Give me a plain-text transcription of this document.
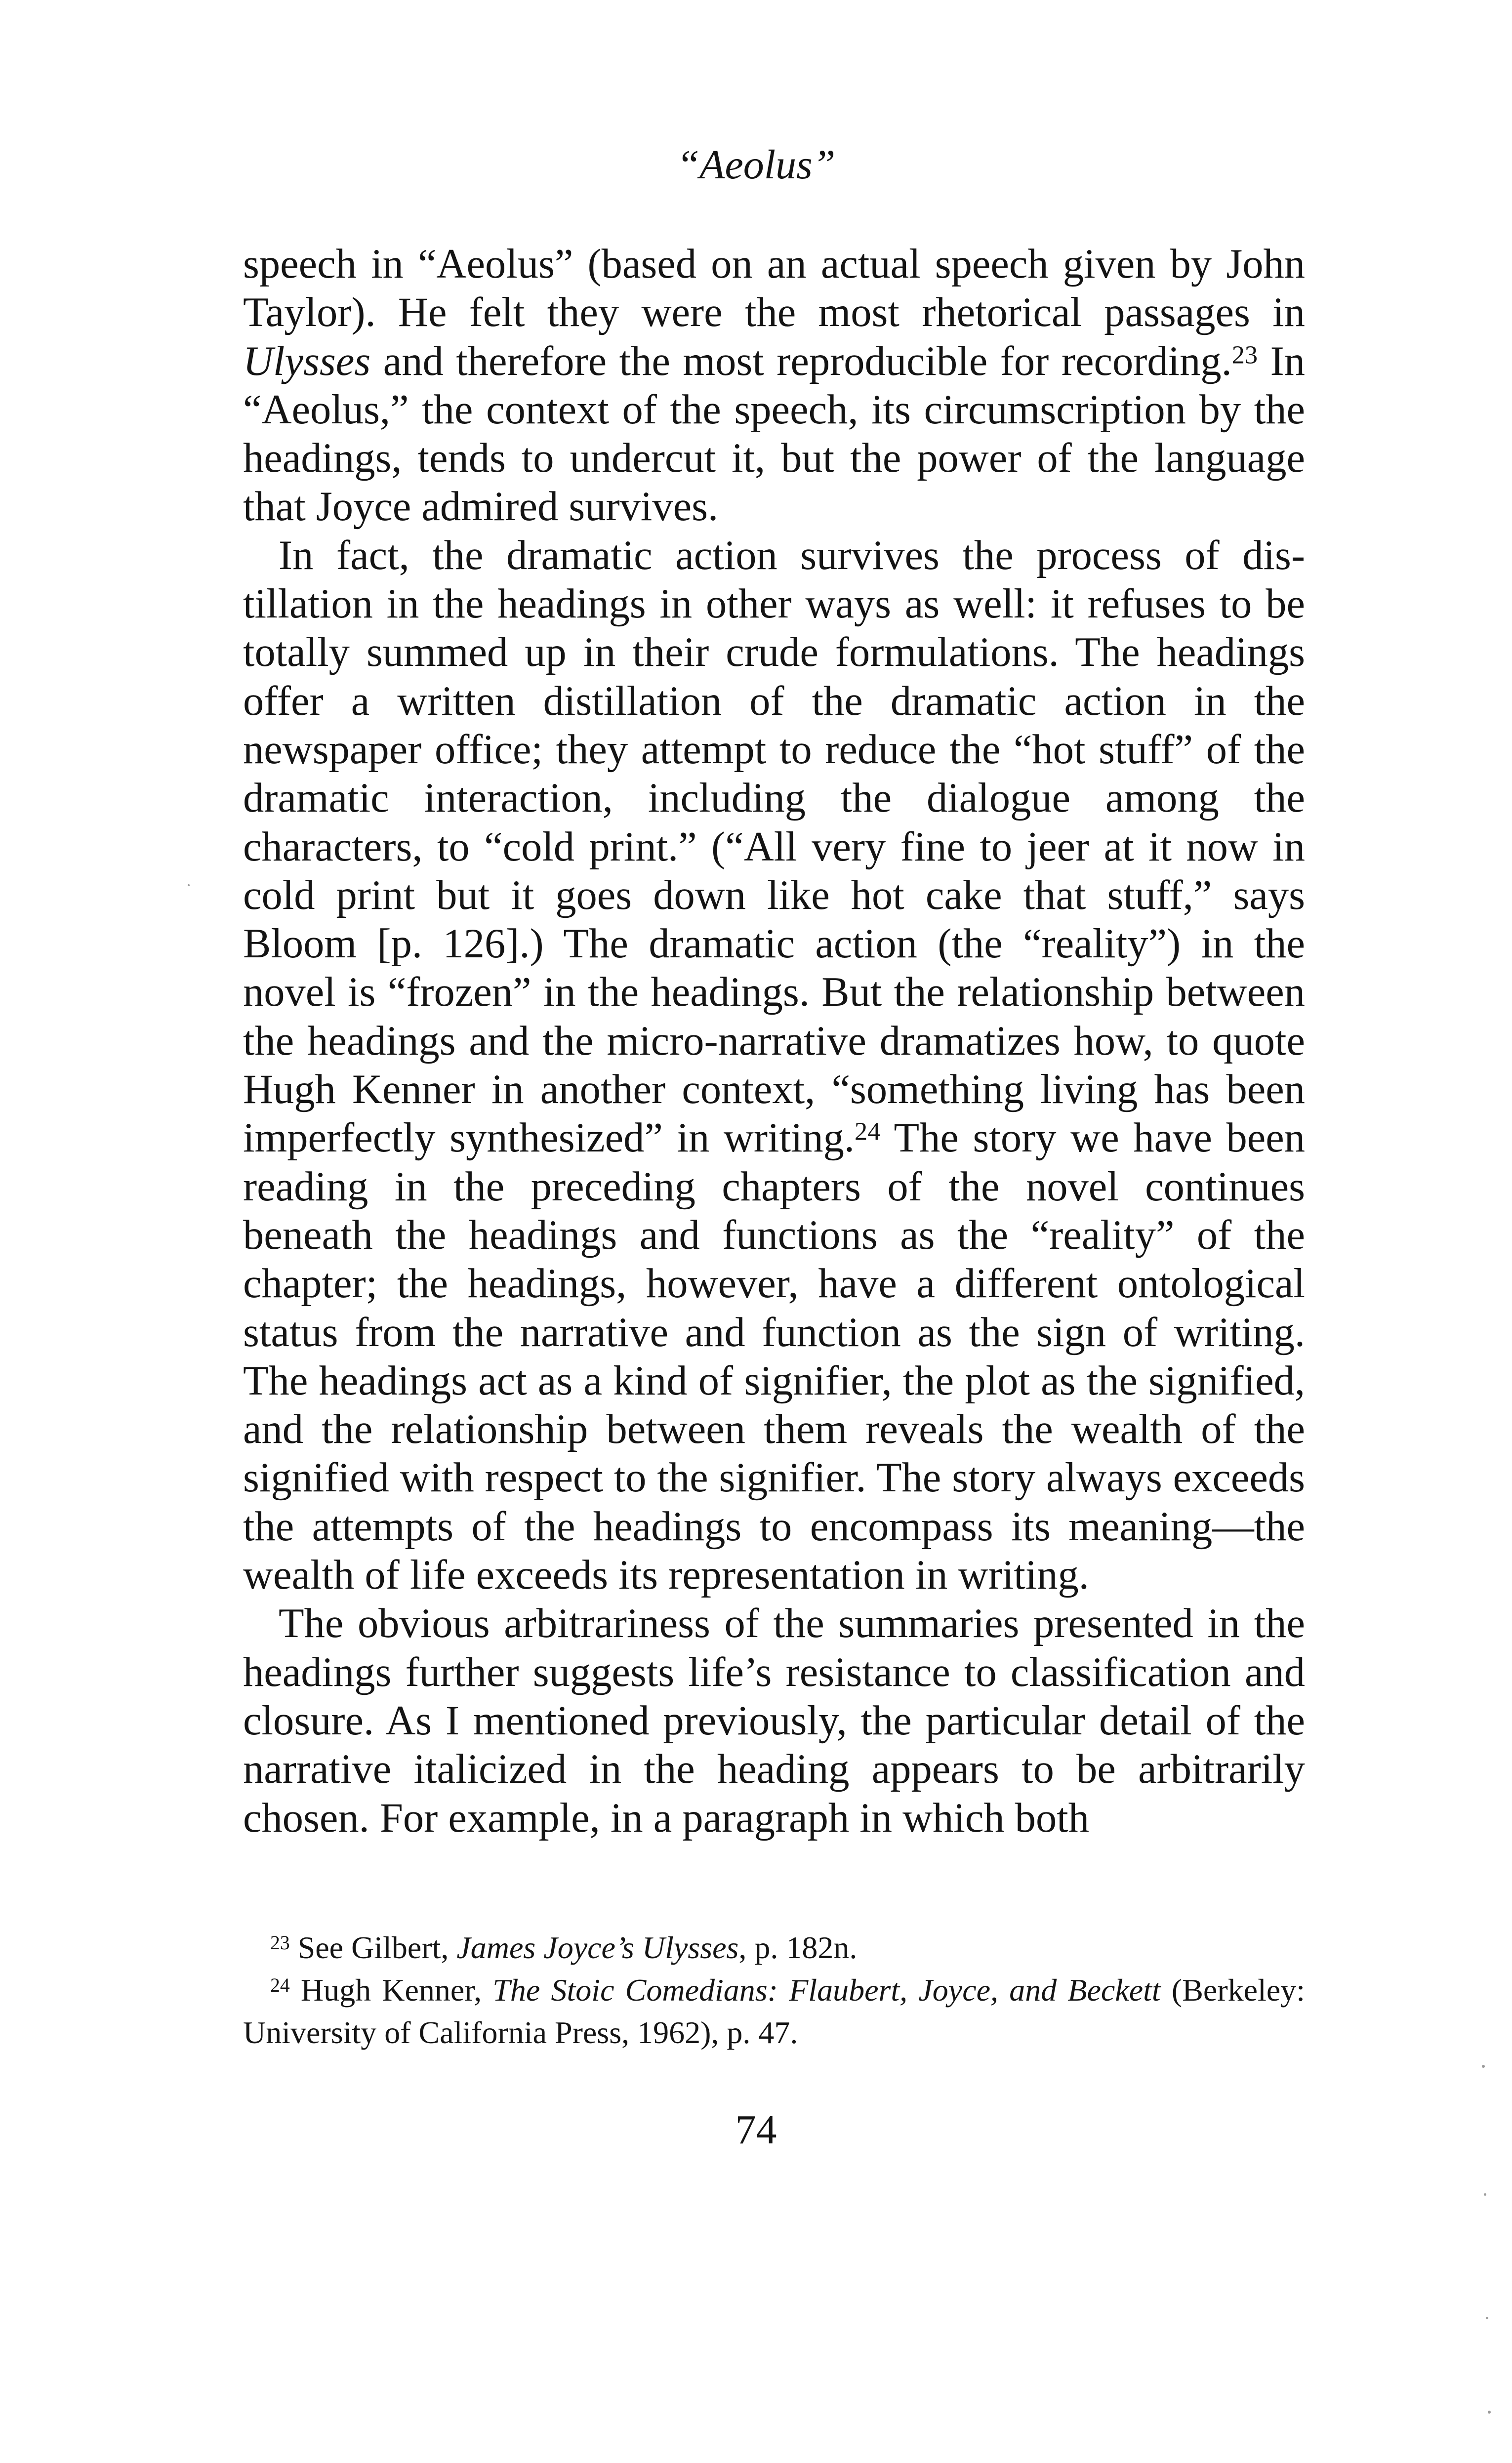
“Aeolus”

speech in “Aeolus” (based on an actual speech given by John Taylor). He felt they were the most rhetorical passages in Ulysses and therefore the most reproducible for recording.$^{23}$ In “Aeolus,” the context of the speech, its circumscription by the headings, tends to undercut it, but the power of the language that Joyce admired survives.

In fact, the dramatic action survives the process of distillation in the headings in other ways as well: it refuses to be totally summed up in their crude formulations. The headings offer a written distillation of the dramatic action in the newspaper office; they attempt to reduce the “hot stuff” of the dramatic interaction, including the dialogue among the characters, to “cold print.” (“All very fine to jeer at it now in cold print but it goes down like hot cake that stuff,” says Bloom [p. 126].) The dramatic action (the “reality”) in the novel is “frozen” in the headings. But the relationship between the headings and the micro-narrative dramatizes how, to quote Hugh Kenner in another context, “something living has been imperfectly synthesized” in writing.$^{24}$ The story we have been reading in the preceding chapters of the novel continues beneath the headings and functions as the “reality” of the chapter; the headings, however, have a different ontological status from the narrative and function as the sign of writing. The headings act as a kind of signifier, the plot as the signified, and the relationship between them reveals the wealth of the signified with respect to the signifier. The story always exceeds the attempts of the headings to encompass its meaning—the wealth of life exceeds its representation in writing.

The obvious arbitrariness of the summaries presented in the headings further suggests life’s resistance to classification and closure. As I mentioned previously, the particular detail of the narrative italicized in the heading appears to be arbitrarily chosen. For example, in a paragraph in which both

$^{23}$ See Gilbert, James Joyce’s Ulysses, p. 182n.

$^{24}$ Hugh Kenner, The Stoic Comedians: Flaubert, Joyce, and Beckett (Berkeley: University of California Press, 1962), p. 47.

74
